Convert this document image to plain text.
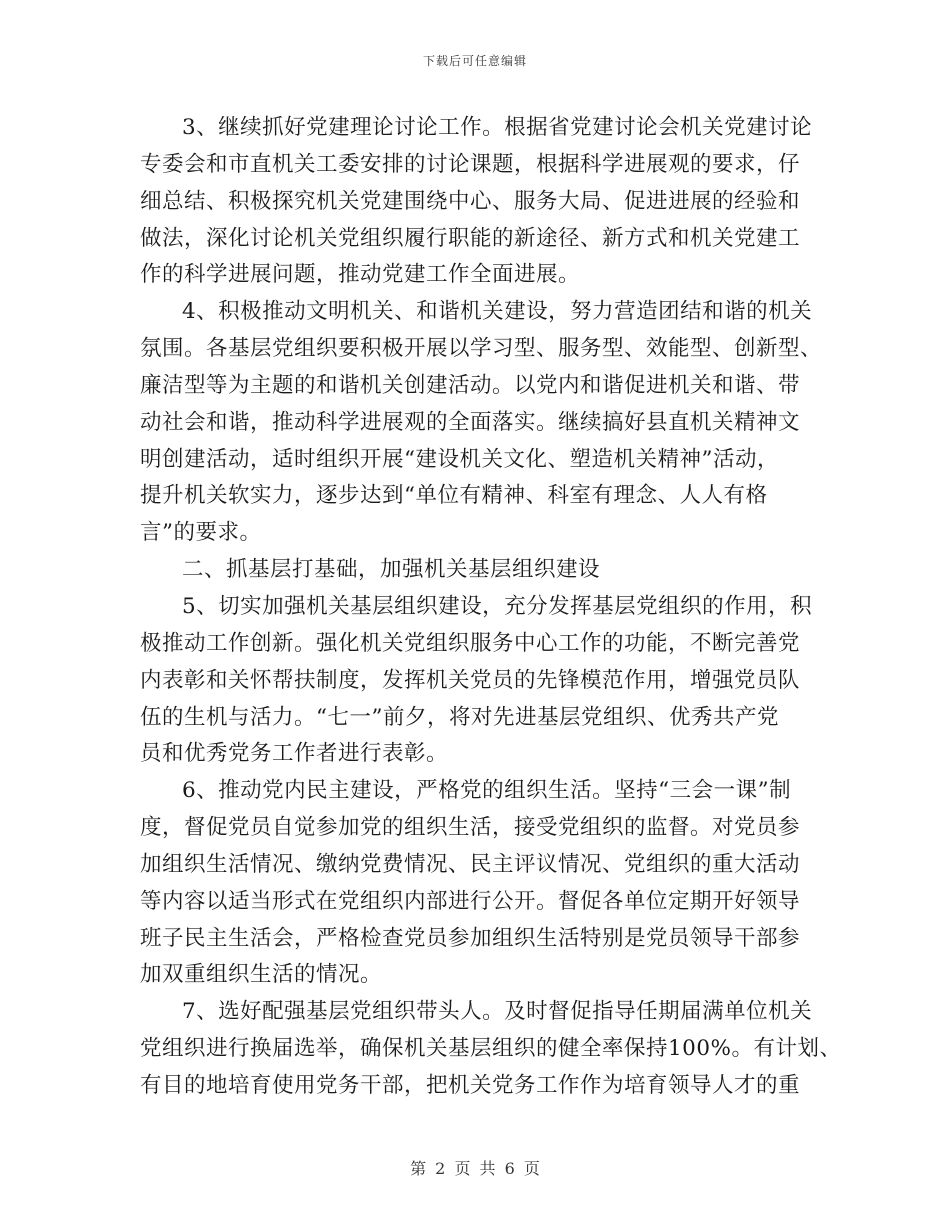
下载后可任意编辑
3、继续抓好党建理论讨论工作。根据省党建讨论会机关党建讨论
专委会和市直机关工委安排的讨论课题，根据科学进展观的要求，仔
细总结、积极探究机关党建围绕中心、服务大局、促进进展的经验和
做法，深化讨论机关党组织履行职能的新途径、新方式和机关党建工
作的科学进展问题，推动党建工作全面进展。
4、积极推动文明机关、和谐机关建设，努力营造团结和谐的机关
氛围。各基层党组织要积极开展以学习型、服务型、效能型、创新型、
廉洁型等为主题的和谐机关创建活动。以党内和谐促进机关和谐、带
动社会和谐，推动科学进展观的全面落实。继续搞好县直机关精神文
明创建活动，适时组织开展“建设机关文化、塑造机关精神”活动，
提升机关软实力，逐步达到“单位有精神、科室有理念、人人有格
言”的要求。
二、抓基层打基础，加强机关基层组织建设
5、切实加强机关基层组织建设，充分发挥基层党组织的作用，积
极推动工作创新。强化机关党组织服务中心工作的功能，不断完善党
内表彰和关怀帮扶制度，发挥机关党员的先锋模范作用，增强党员队
伍的生机与活力。“七一”前夕，将对先进基层党组织、优秀共产党
员和优秀党务工作者进行表彰。
6、推动党内民主建设，严格党的组织生活。坚持“三会一课”制
度，督促党员自觉参加党的组织生活，接受党组织的监督。对党员参
加组织生活情况、缴纳党费情况、民主评议情况、党组织的重大活动
等内容以适当形式在党组织内部进行公开。督促各单位定期开好领导
班子民主生活会，严格检查党员参加组织生活特别是党员领导干部参
加双重组织生活的情况。
7、选好配强基层党组织带头人。及时督促指导任期届满单位机关
党组织进行换届选举，确保机关基层组织的健全率保持100%。有计划、
有目的地培育使用党务干部，把机关党务工作作为培育领导人才的重
第 2 页 共 6 页
